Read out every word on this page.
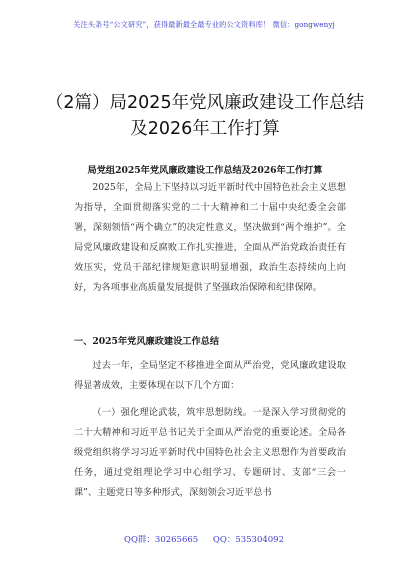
关注头条号“公文研究”，获得最新最全最专业的公文资料库！ 微信：gongwenyj
（2篇）局2025年党风廉政建设工作总结
及2026年工作打算
局党组2025年党风廉政建设工作总结及2026年工作打算

2025年，全局上下坚持以习近平新时代中国特色社会主义思想为指导，全面贯彻落实党的二十大精神和二十届中央纪委全会部署，深刻领悟“两个确立”的决定性意义，坚决做到“两个维护”。全局党风廉政建设和反腐败工作扎实推进，全面从严治党政治责任有效压实，党员干部纪律规矩意识明显增强，政治生态持续向上向好，为各项事业高质量发展提供了坚强政治保障和纪律保障。

一、2025年党风廉政建设工作总结

过去一年，全局坚定不移推进全面从严治党，党风廉政建设取得显著成效，主要体现在以下几个方面：

（一）强化理论武装，筑牢思想防线。一是深入学习贯彻党的二十大精神和习近平总书记关于全面从严治党的重要论述。全局各级党组织将学习习近平新时代中国特色社会主义思想作为首要政治任务，通过党组理论学习中心组学习、专题研讨、支部“三会一课”、主题党日等多种形式，深刻领会习近平总书

QQ群：30265665 QQ：535304092
